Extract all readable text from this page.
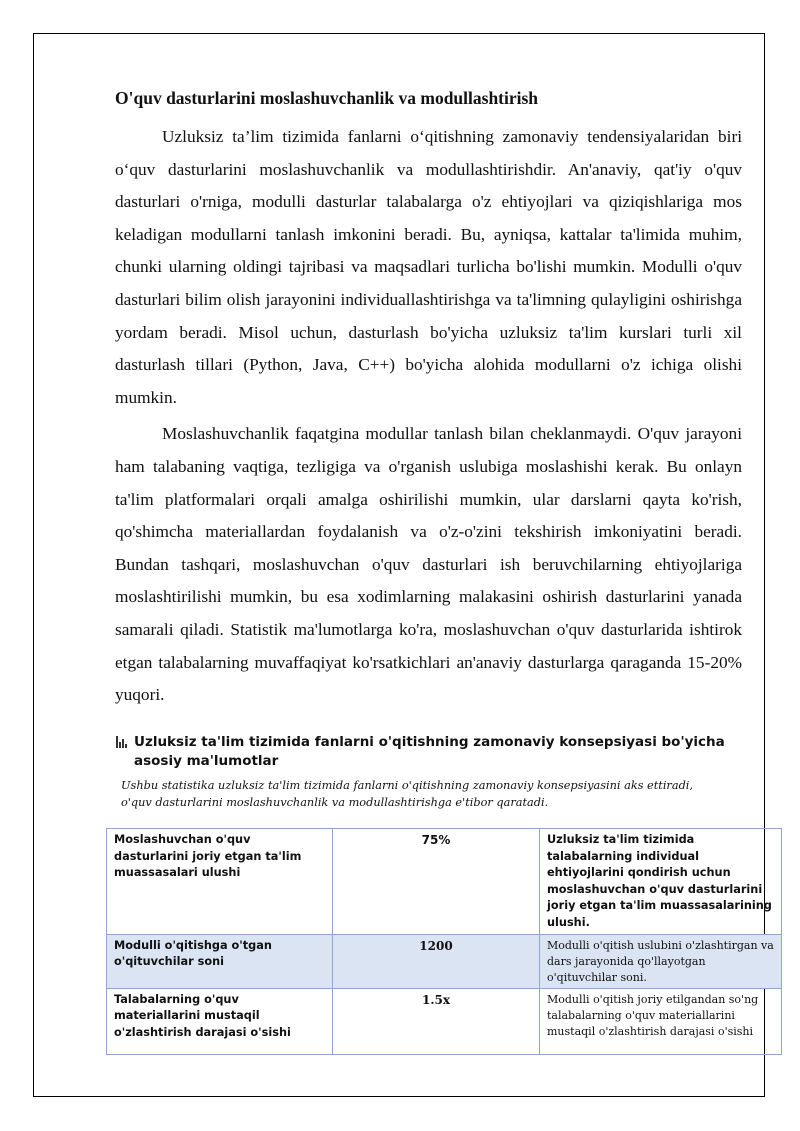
O'quv dasturlarini moslashuvchanlik va modullashtirish

Uzluksiz ta’lim tizimida fanlarni o‘qitishning zamonaviy tendensiyalaridan biri o‘quv dasturlarini moslashuvchanlik va modullashtirishdir. An'anaviy, qat'iy o'quv dasturlari o'rniga, modulli dasturlar talabalarga o'z ehtiyojlari va qiziqishlariga mos keladigan modullarni tanlash imkonini beradi. Bu, ayniqsa, kattalar ta'limida muhim, chunki ularning oldingi tajribasi va maqsadlari turlicha bo'lishi mumkin. Modulli o'quv dasturlari bilim olish jarayonini individuallashtirishga va ta'limning qulayligini oshirishga yordam beradi. Misol uchun, dasturlash bo'yicha uzluksiz ta'lim kurslari turli xil dasturlash tillari (Python, Java, C++) bo'yicha alohida modullarni o'z ichiga olishi mumkin.

Moslashuvchanlik faqatgina modullar tanlash bilan cheklanmaydi. O'quv jarayoni ham talabaning vaqtiga, tezligiga va o'rganish uslubiga moslashishi kerak. Bu onlayn ta'lim platformalari orqali amalga oshirilishi mumkin, ular darslarni qayta ko'rish, qo'shimcha materiallardan foydalanish va o'z-o'zini tekshirish imkoniyatini beradi. Bundan tashqari, moslashuvchan o'quv dasturlari ish beruvchilarning ehtiyojlariga moslashtirilishi mumkin, bu esa xodimlarning malakasini oshirish dasturlarini yanada samarali qiladi. Statistik ma'lumotlarga ko'ra, moslashuvchan o'quv dasturlarida ishtirok etgan talabalarning muvaffaqiyat ko'rsatkichlari an'anaviy dasturlarga qaraganda 15-20% yuqori.

Uzluksiz ta'lim tizimida fanlarni o'qitishning zamonaviy konsepsiyasi bo'yicha asosiy ma'lumotlar
Ushbu statistika uzluksiz ta'lim tizimida fanlarni o'qitishning zamonaviy konsepsiyasini aks ettiradi, o'quv dasturlarini moslashuvchanlik va modullashtirishga e'tibor qaratadi.
Moslashuvchan o'quv dasturlarini joriy etgan ta'lim muassasalari ulushi	75%	Uzluksiz ta'lim tizimida talabalarning individual ehtiyojlarini qondirish uchun moslashuvchan o'quv dasturlarini joriy etgan ta'lim muassasalarining ulushi.
Modulli o'qitishga o'tgan o'qituvchilar soni	1200	Modulli o'qitish uslubini o'zlashtirgan va dars jarayonida qo'llayotgan o'qituvchilar soni.
Talabalarning o'quv materiallarini mustaqil o'zlashtirish darajasi o'sishi	1.5x	Modulli o'qitish joriy etilgandan so'ng talabalarning o'quv materiallarini mustaqil o'zlashtirish darajasi o'sishi
